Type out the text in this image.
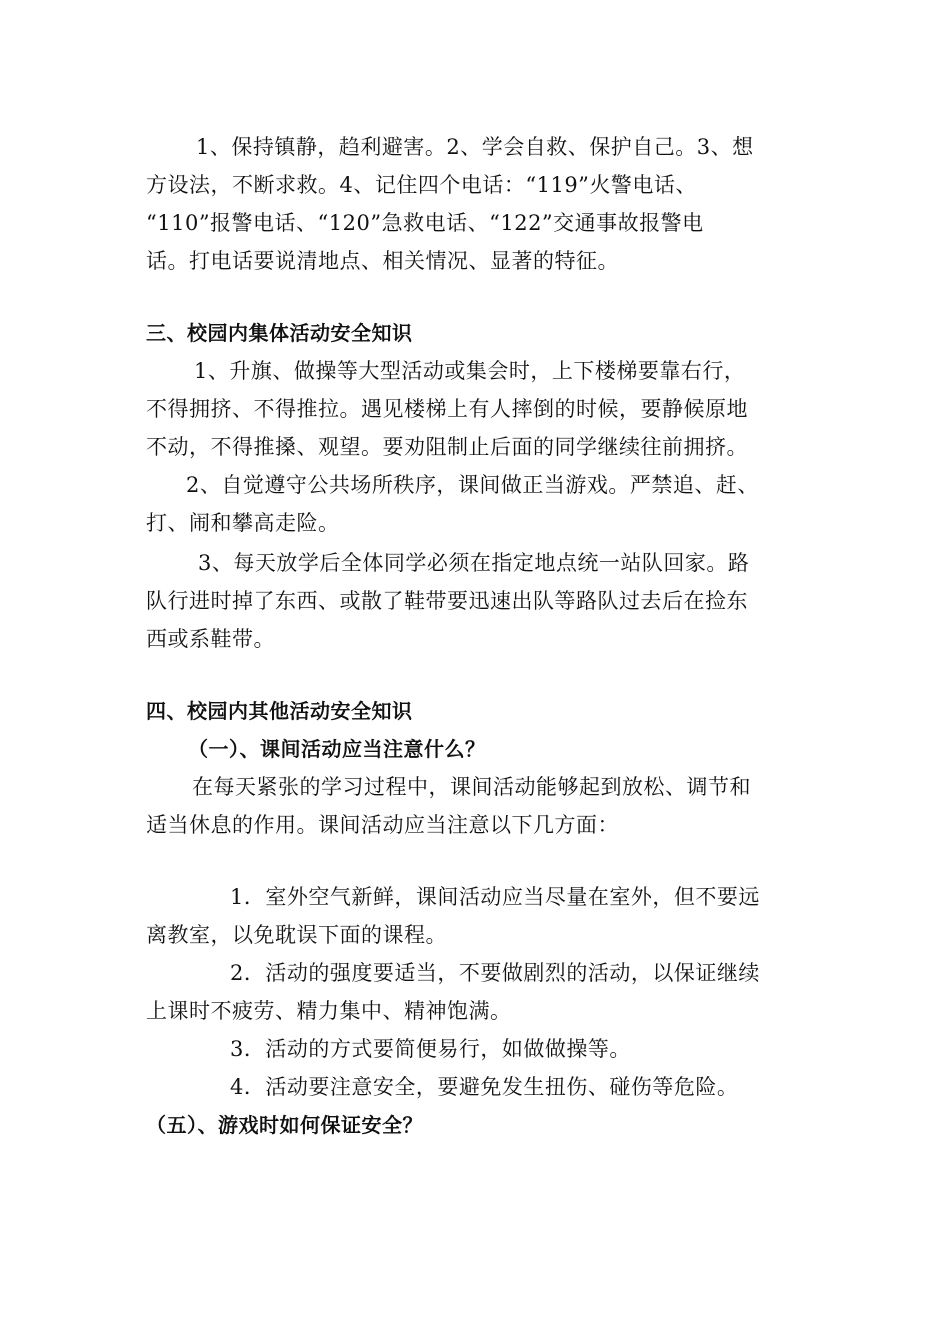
1、保持镇静，趋利避害。2、学会自救、保护自己。3、想
方设法，不断求救。4、记住四个电话：“119”火警电话、
“110”报警电话、“120”急救电话、“122”交通事故报警电
话。打电话要说清地点、相关情况、显著的特征。
三、校园内集体活动安全知识
1、升旗、做操等大型活动或集会时，上下楼梯要靠右行，
不得拥挤、不得推拉。遇见楼梯上有人摔倒的时候，要静候原地
不动，不得推搡、观望。要劝阻制止后面的同学继续往前拥挤。
2、自觉遵守公共场所秩序，课间做正当游戏。严禁追、赶、
打、闹和攀高走险。
3、每天放学后全体同学必须在指定地点统一站队回家。路
队行进时掉了东西、或散了鞋带要迅速出队等路队过去后在捡东
西或系鞋带。
四、校园内其他活动安全知识
（一）、课间活动应当注意什么？
在每天紧张的学习过程中，课间活动能够起到放松、调节和
适当休息的作用。课间活动应当注意以下几方面：
1．室外空气新鲜，课间活动应当尽量在室外，但不要远
离教室，以免耽误下面的课程。
2．活动的强度要适当，不要做剧烈的活动，以保证继续
上课时不疲劳、精力集中、精神饱满。
3．活动的方式要简便易行，如做做操等。
4．活动要注意安全，要避免发生扭伤、碰伤等危险。
（五）、游戏时如何保证安全？
